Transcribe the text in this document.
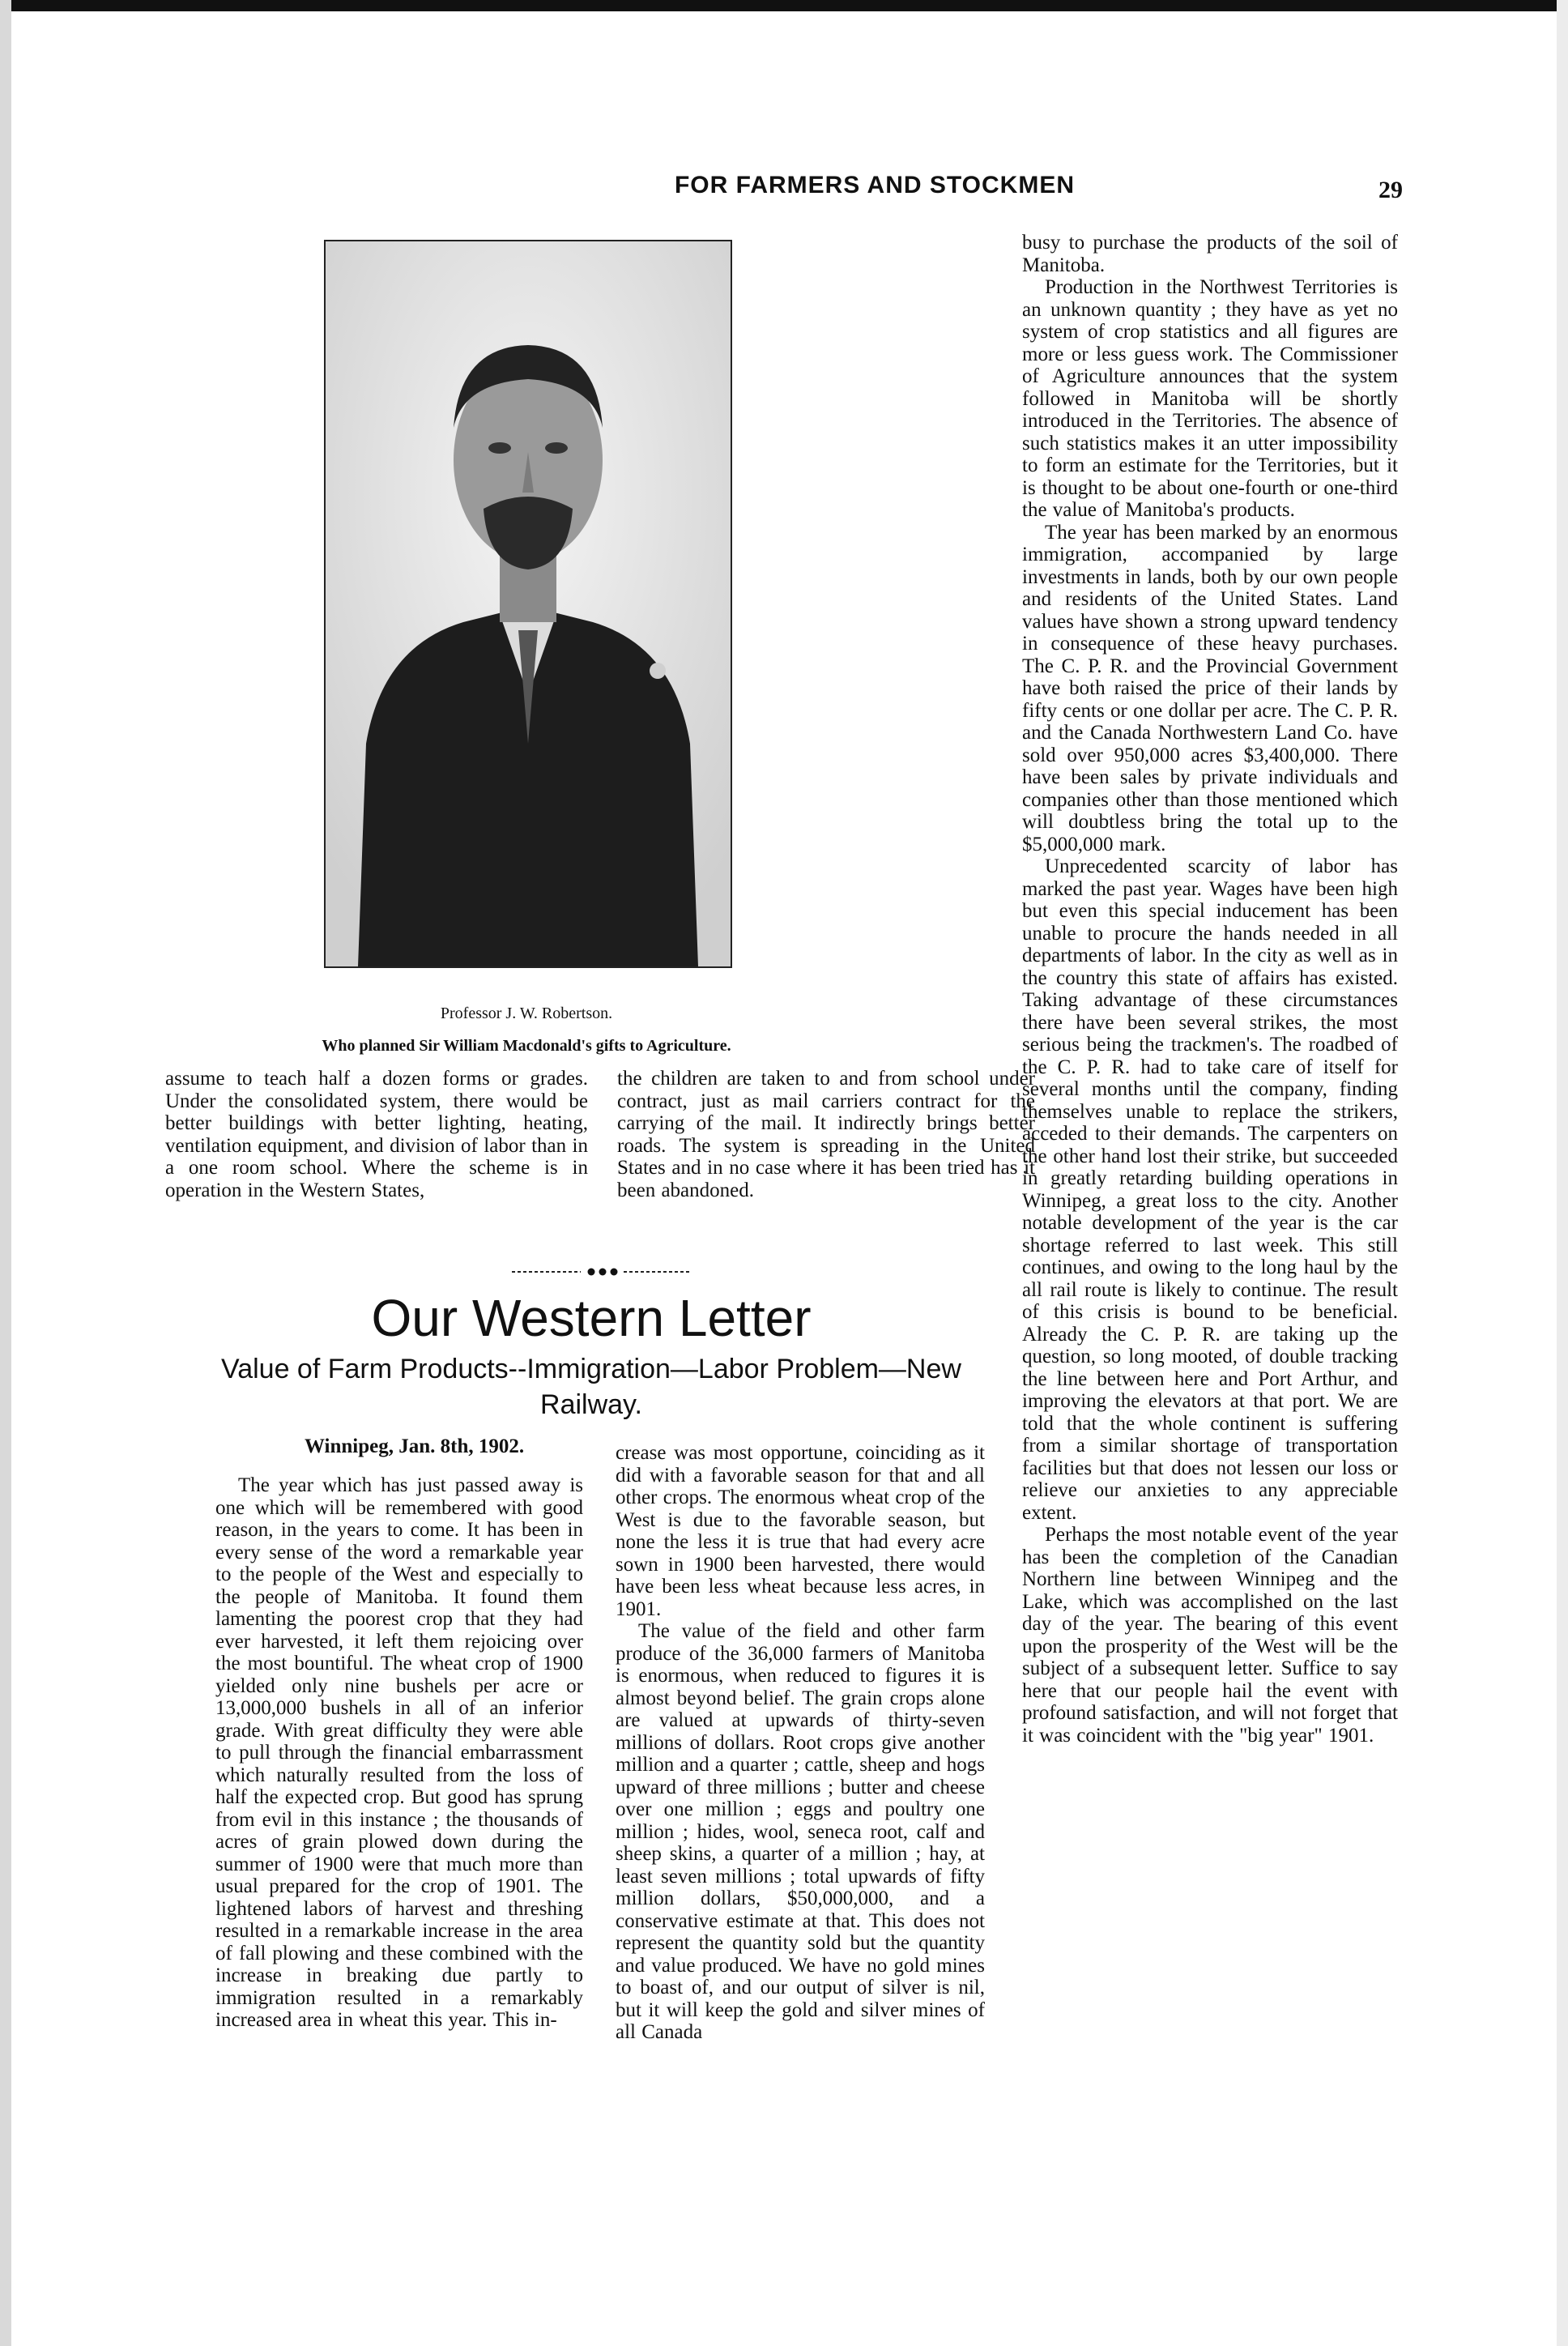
FOR FARMERS AND STOCKMEN	29
Professor J. W. Robertson.
Who planned Sir William Macdonald's gifts to Agriculture.

assume to teach half a dozen forms or grades. Under the consolidated system, there would be better buildings with better lighting, heating, ventilation equipment, and division of labor than in a one room school. Where the scheme is in operation in the Western States,

the children are taken to and from school under contract, just as mail carriers contract for the carrying of the mail. It indirectly brings better roads. The system is spreading in the United States and in no case where it has been tried has it been abandoned.

Our Western Letter
Value of Farm Products--Immigration—Labor Problem—New Railway.
Winnipeg, Jan. 8th, 1902.

The year which has just passed away is one which will be remembered with good reason, in the years to come. It has been in every sense of the word a remarkable year to the people of the West and especially to the people of Manitoba. It found them lamenting the poorest crop that they had ever harvested, it left them rejoicing over the most bountiful. The wheat crop of 1900 yielded only nine bushels per acre or 13,000,000 bushels in all of an inferior grade. With great difficulty they were able to pull through the financial embarrassment which naturally resulted from the loss of half the expected crop. But good has sprung from evil in this instance ; the thousands of acres of grain plowed down during the summer of 1900 were that much more than usual prepared for the crop of 1901. The lightened labors of harvest and threshing resulted in a remarkable increase in the area of fall plowing and these combined with the increase in breaking due partly to immigration resulted in a remarkably increased area in wheat this year. This in-

crease was most opportune, coinciding as it did with a favorable season for that and all other crops. The enormous wheat crop of the West is due to the favorable season, but none the less it is true that had every acre sown in 1900 been harvested, there would have been less wheat because less acres, in 1901.

The value of the field and other farm produce of the 36,000 farmers of Manitoba is enormous, when reduced to figures it is almost beyond belief. The grain crops alone are valued at upwards of thirty-seven millions of dollars. Root crops give another million and a quarter ; cattle, sheep and hogs upward of three millions ; butter and cheese over one million ; eggs and poultry one million ; hides, wool, seneca root, calf and sheep skins, a quarter of a million ; hay, at least seven millions ; total upwards of fifty million dollars, $50,000,000, and a conservative estimate at that. This does not represent the quantity sold but the quantity and value produced. We have no gold mines to boast of, and our output of silver is nil, but it will keep the gold and silver mines of all Canada

busy to purchase the products of the soil of Manitoba.

Production in the Northwest Territories is an unknown quantity ; they have as yet no system of crop statistics and all figures are more or less guess work. The Commissioner of Agriculture announces that the system followed in Manitoba will be shortly introduced in the Territories. The absence of such statistics makes it an utter impossibility to form an estimate for the Territories, but it is thought to be about one-fourth or one-third the value of Manitoba's products.

The year has been marked by an enormous immigration, accompanied by large investments in lands, both by our own people and residents of the United States. Land values have shown a strong upward tendency in consequence of these heavy purchases. The C. P. R. and the Provincial Government have both raised the price of their lands by fifty cents or one dollar per acre. The C. P. R. and the Canada Northwestern Land Co. have sold over 950,000 acres $3,400,000. There have been sales by private individuals and companies other than those mentioned which will doubtless bring the total up to the $5,000,000 mark.

Unprecedented scarcity of labor has marked the past year. Wages have been high but even this special inducement has been unable to procure the hands needed in all departments of labor. In the city as well as in the country this state of affairs has existed. Taking advantage of these circumstances there have been several strikes, the most serious being the trackmen's. The roadbed of the C. P. R. had to take care of itself for several months until the company, finding themselves unable to replace the strikers, acceded to their demands. The carpenters on the other hand lost their strike, but succeeded in greatly retarding building operations in Winnipeg, a great loss to the city. Another notable development of the year is the car shortage referred to last week. This still continues, and owing to the long haul by the all rail route is likely to continue. The result of this crisis is bound to be beneficial. Already the C. P. R. are taking up the question, so long mooted, of double tracking the line between here and Port Arthur, and improving the elevators at that port. We are told that the whole continent is suffering from a similar shortage of transportation facilities but that does not lessen our loss or relieve our anxieties to any appreciable extent.

Perhaps the most notable event of the year has been the completion of the Canadian Northern line between Winnipeg and the Lake, which was accomplished on the last day of the year. The bearing of this event upon the prosperity of the West will be the subject of a subsequent letter. Suffice to say here that our people hail the event with profound satisfaction, and will not forget that it was coincident with the "big year" 1901.
